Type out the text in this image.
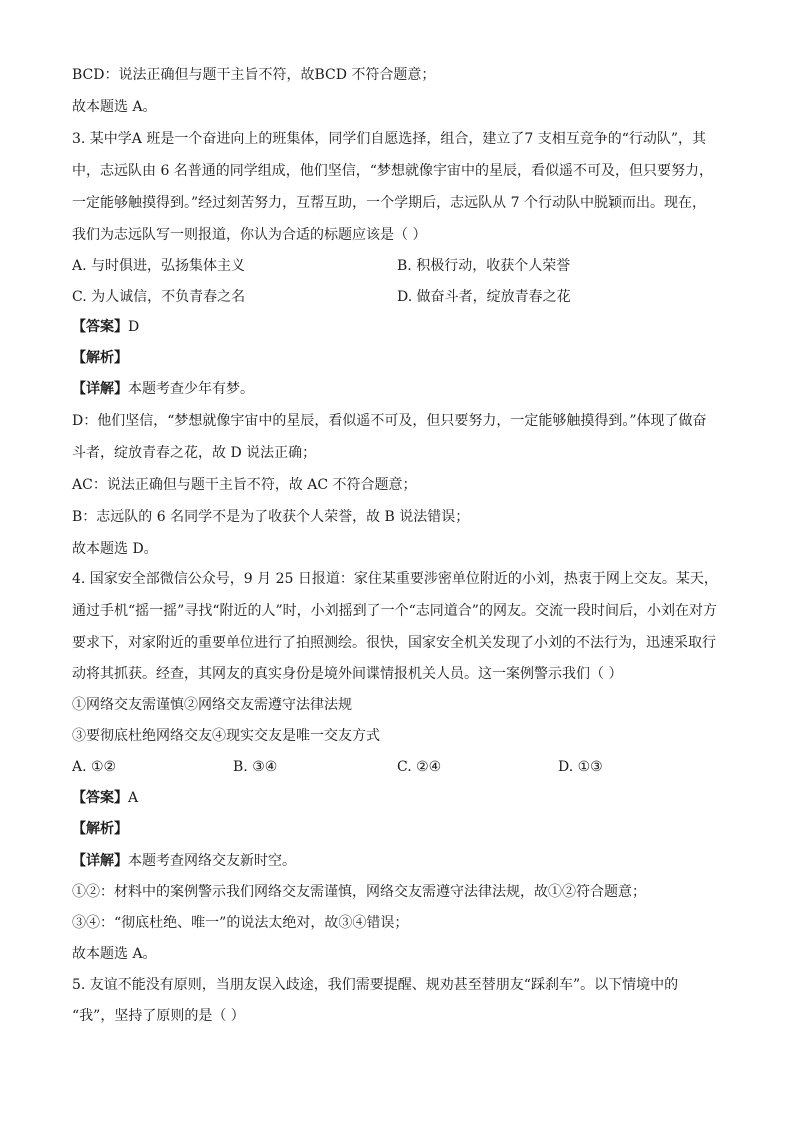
BCD：说法正确但与题干主旨不符，故BCD 不符合题意；
故本题选 A。
3. 某中学A 班是一个奋进向上的班集体，同学们自愿选择，组合，建立了7 支相互竞争的“行动队”，其
中，志远队由 6 名普通的同学组成，他们坚信，“梦想就像宇宙中的星辰，看似遥不可及，但只要努力，
一定能够触摸得到。”经过刻苦努力，互帮互助，一个学期后，志远队从 7 个行动队中脱颖而出。现在，
我们为志远队写一则报道，你认为合适的标题应该是（ ）
A. 与时俱进，弘扬集体主义	B. 积极行动，收获个人荣誉
C. 为人诚信，不负青春之名	D. 做奋斗者，绽放青春之花
【答案】D
【解析】
【详解】本题考查少年有梦。
D：他们坚信，“梦想就像宇宙中的星辰，看似遥不可及，但只要努力，一定能够触摸得到。”体现了做奋
斗者，绽放青春之花，故 D 说法正确；
AC：说法正确但与题干主旨不符，故 AC 不符合题意；
B：志远队的 6 名同学不是为了收获个人荣誉，故 B 说法错误；
故本题选 D。
4. 国家安全部微信公众号，9 月 25 日报道：家住某重要涉密单位附近的小刘，热衷于网上交友。某天，
通过手机“摇一摇”寻找“附近的人”时，小刘摇到了一个“志同道合”的网友。交流一段时间后，小刘在对方
要求下，对家附近的重要单位进行了拍照测绘。很快，国家安全机关发现了小刘的不法行为，迅速采取行
动将其抓获。经查，其网友的真实身份是境外间谍情报机关人员。这一案例警示我们（ ）
①网络交友需谨慎②网络交友需遵守法律法规
③要彻底杜绝网络交友④现实交友是唯一交友方式
A. ①②	B. ③④	C. ②④	D. ①③
【答案】A
【解析】
【详解】本题考查网络交友新时空。
①②：材料中的案例警示我们网络交友需谨慎，网络交友需遵守法律法规，故①②符合题意；
③④：“彻底杜绝、唯一”的说法太绝对，故③④错误；
故本题选 A。
5. 友谊不能没有原则，当朋友误入歧途，我们需要提醒、规劝甚至替朋友“踩刹车”。以下情境中的
“我”，坚持了原则的是（ ）
